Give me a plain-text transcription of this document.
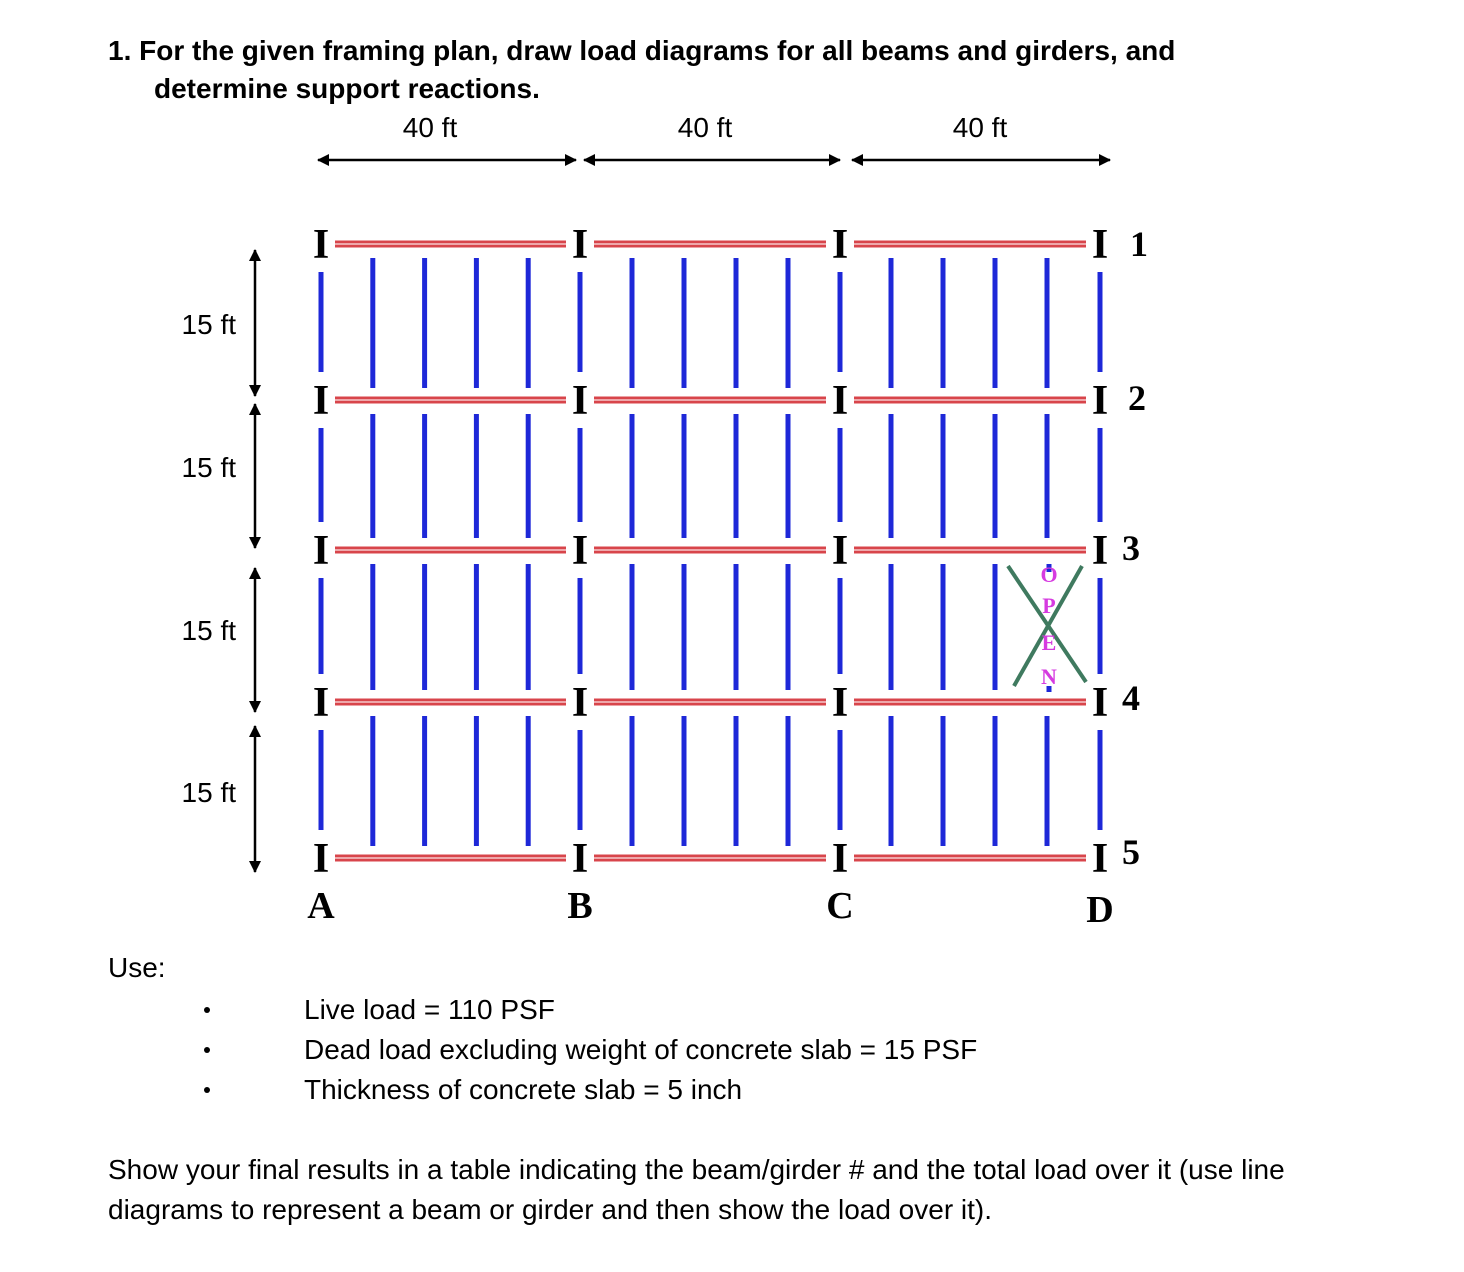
1. For the given framing plan, draw load diagrams for all beams and girders, and
determine support reactions.
40 ft	40 ft	40 ft
15 ft
15 ft
15 ft
15 ft
I	I	I	I
I	I	I	I
I	I	I	I
I	I	I	I
I	I	I	I
O
P
E
N
A	B	C	D
1
2
3
4
5
Use:
Live load = 110 PSF
Dead load excluding weight of concrete slab = 15 PSF
Thickness of concrete slab = 5 inch

Show your final results in a table indicating the beam/girder # and the total load over it (use line diagrams to represent a beam or girder and then show the load over it).
